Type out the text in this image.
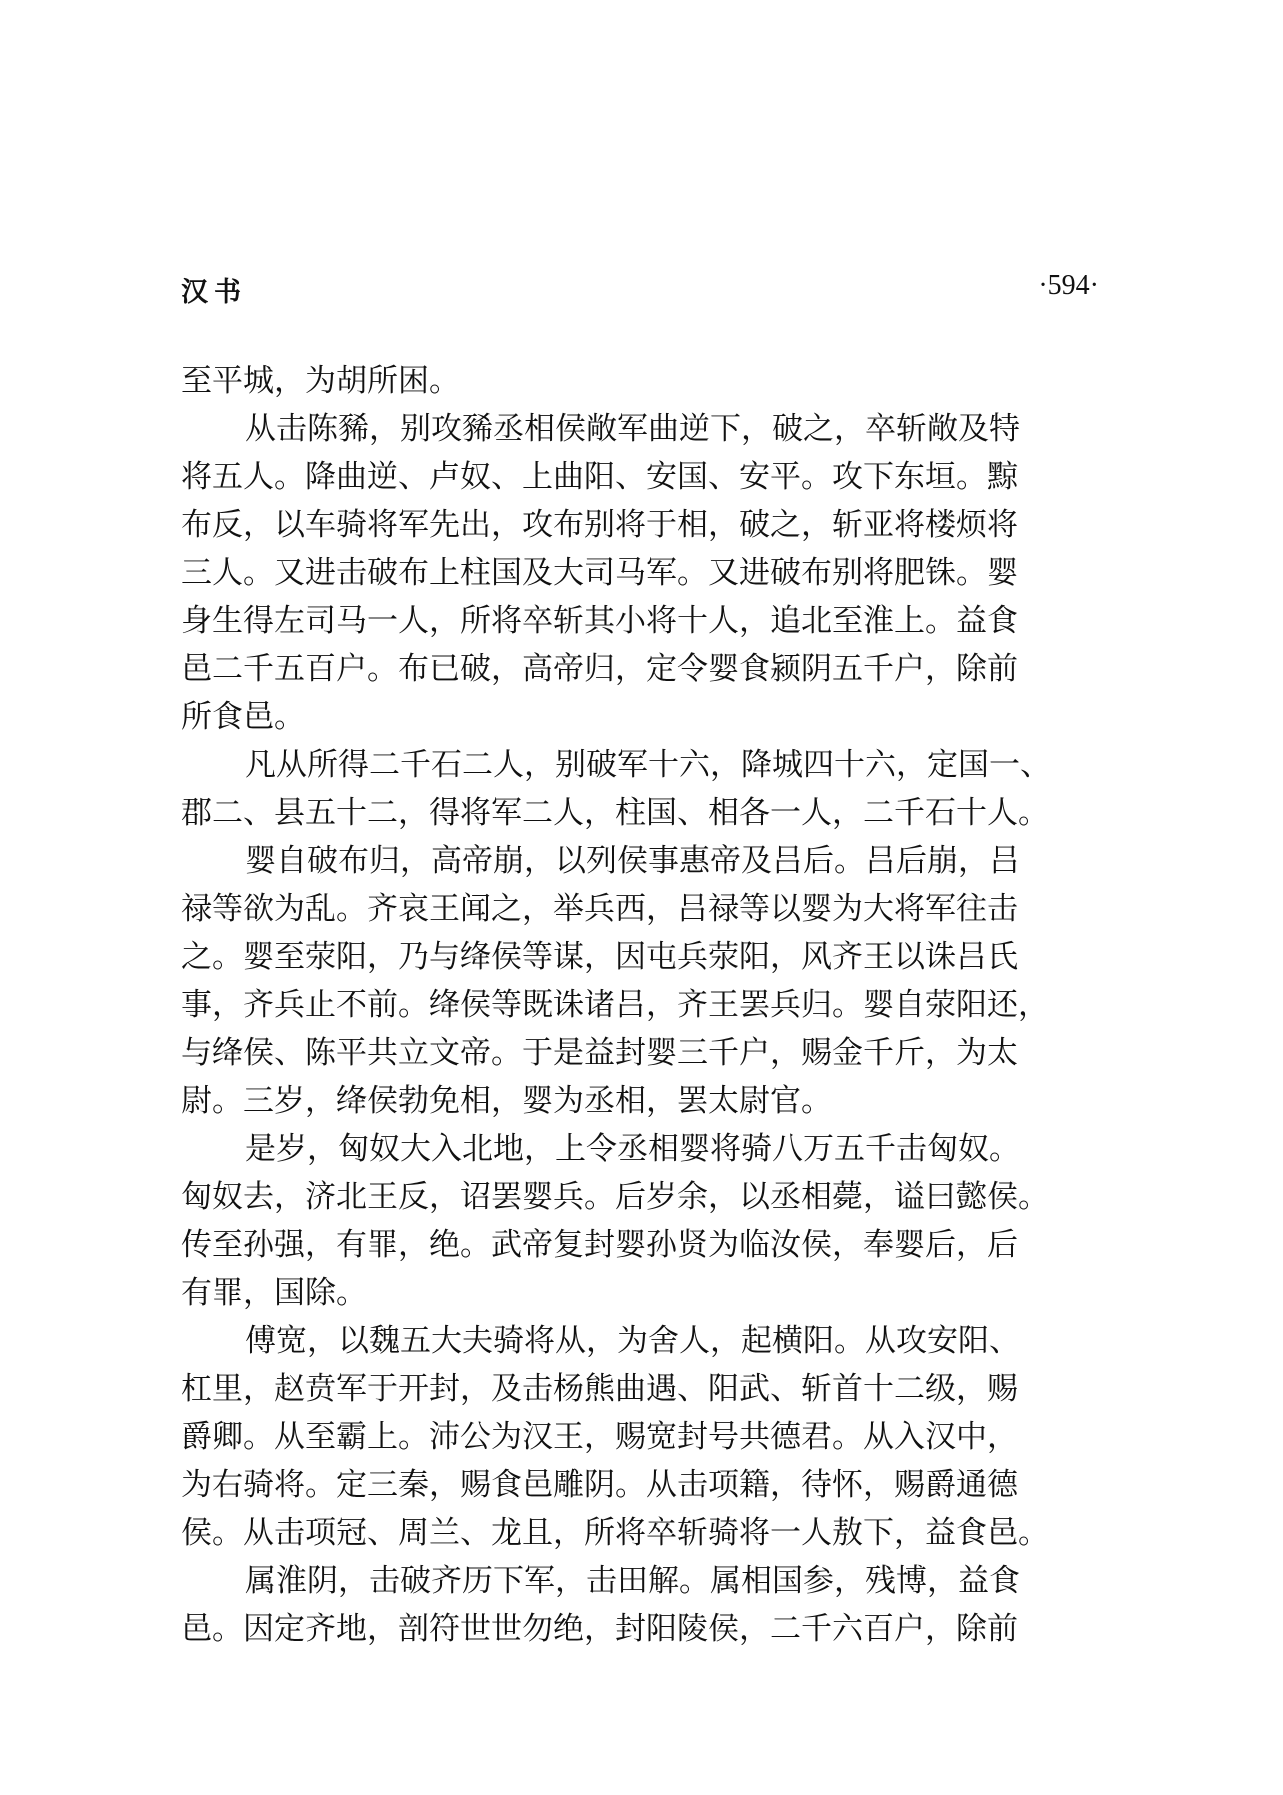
汉书	·594·
至平城，为胡所困。
从击陈豨，别攻豨丞相侯敞军曲逆下，破之，卒斩敞及特
将五人。降曲逆、卢奴、上曲阳、安国、安平。攻下东垣。黥
布反，以车骑将军先出，攻布别将于相，破之，斩亚将楼烦将
三人。又进击破布上柱国及大司马军。又进破布别将肥铢。婴
身生得左司马一人，所将卒斩其小将十人，追北至淮上。益食
邑二千五百户。布已破，高帝归，定令婴食颍阴五千户，除前
所食邑。
凡从所得二千石二人，别破军十六，降城四十六，定国一、
郡二、县五十二，得将军二人，柱国、相各一人，二千石十人。
婴自破布归，高帝崩，以列侯事惠帝及吕后。吕后崩，吕
禄等欲为乱。齐哀王闻之，举兵西，吕禄等以婴为大将军往击
之。婴至荥阳，乃与绛侯等谋，因屯兵荥阳，风齐王以诛吕氏
事，齐兵止不前。绛侯等既诛诸吕，齐王罢兵归。婴自荥阳还，
与绛侯、陈平共立文帝。于是益封婴三千户，赐金千斤，为太
尉。三岁，绛侯勃免相，婴为丞相，罢太尉官。
是岁，匈奴大入北地，上令丞相婴将骑八万五千击匈奴。
匈奴去，济北王反，诏罢婴兵。后岁余，以丞相薨，谥曰懿侯。
传至孙强，有罪，绝。武帝复封婴孙贤为临汝侯，奉婴后，后
有罪，国除。
傅宽，以魏五大夫骑将从，为舍人，起横阳。从攻安阳、
杠里，赵贲军于开封，及击杨熊曲遇、阳武、斩首十二级，赐
爵卿。从至霸上。沛公为汉王，赐宽封号共德君。从入汉中，
为右骑将。定三秦，赐食邑雕阴。从击项籍，待怀，赐爵通德
侯。从击项冠、周兰、龙且，所将卒斩骑将一人敖下，益食邑。
属淮阴，击破齐历下军，击田解。属相国参，残博，益食
邑。因定齐地，剖符世世勿绝，封阳陵侯，二千六百户，除前
